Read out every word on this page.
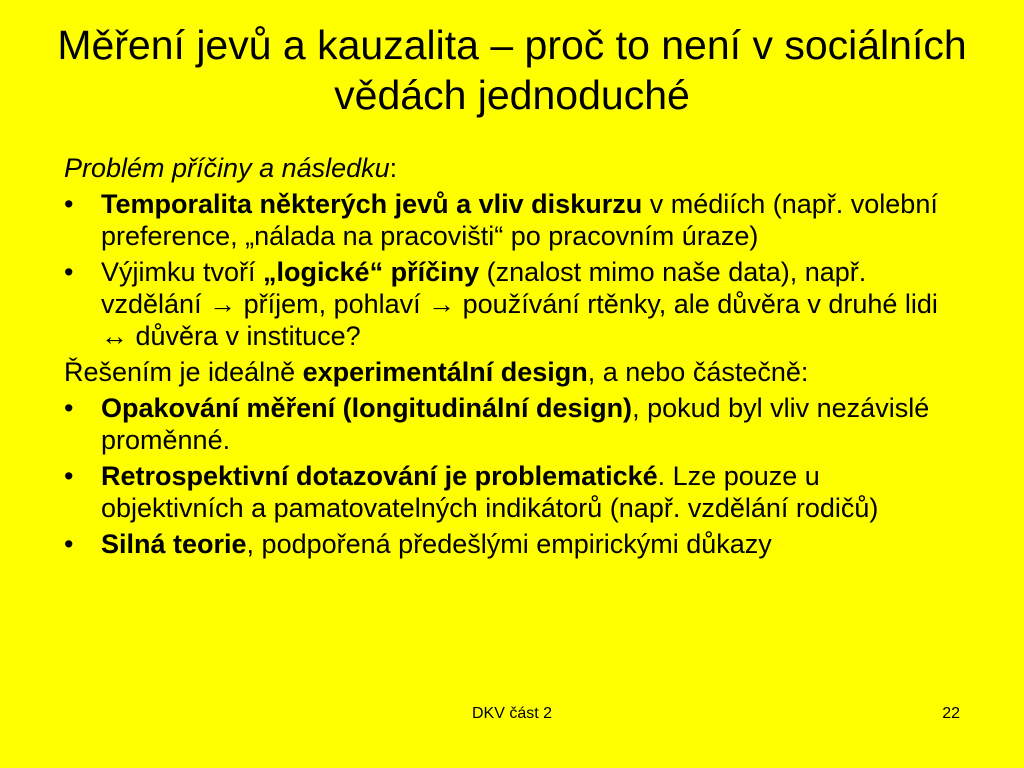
Měření jevů a kauzalita – proč to není v sociálních vědách jednoduché

Problém příčiny a následku:

• Temporalita některých jevů a vliv diskurzu v médiích (např. volební preference, „nálada na pracovišti“ po pracovním úraze)
• Výjimku tvoří „logické“ příčiny (znalost mimo naše data), např. vzdělání → příjem, pohlaví → používání rtěnky, ale důvěra v druhé lidi ↔ důvěra v instituce?

Řešením je ideálně experimentální design, a nebo částečně:

• Opakování měření (longitudinální design), pokud byl vliv nezávislé proměnné.
• Retrospektivní dotazování je problematické. Lze pouze u objektivních a pamatovatelných indikátorů (např. vzdělání rodičů)
• Silná teorie, podpořená předešlými empirickými důkazy
DKV část 2	22
